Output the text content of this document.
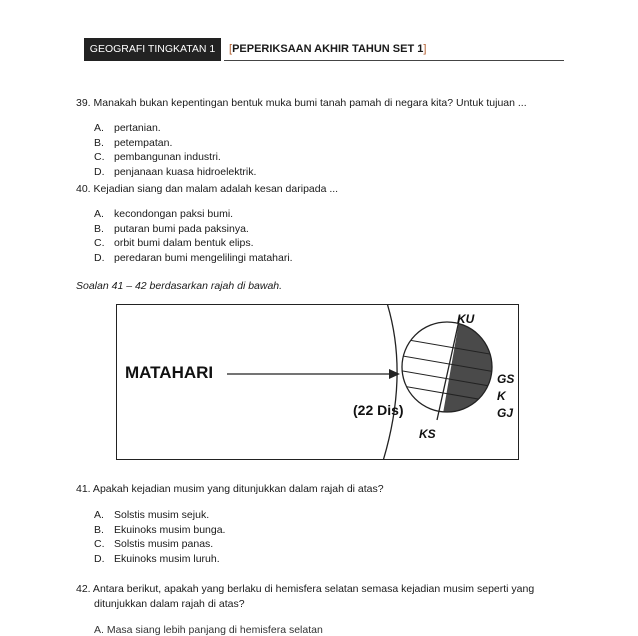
GEOGRAFI TINGKATAN 1	[PEPERIKSAAN AKHIR TAHUN SET 1]
39. Manakah bukan kepentingan bentuk muka bumi tanah pamah di negara kita? Untuk tujuan ...
A. pertanian.
B. petempatan.
C. pembangunan industri.
D. penjanaan kuasa hidroelektrik.
40. Kejadian siang dan malam adalah kesan daripada ...
A. kecondongan paksi bumi.
B. putaran bumi pada paksinya.
C. orbit bumi dalam bentuk elips.
D. peredaran bumi mengelilingi matahari.
Soalan 41 – 42 berdasarkan rajah di bawah.
MATAHARI
(22 Dis)
KU
GS
K
GJ
KS
41. Apakah kejadian musim yang ditunjukkan dalam rajah di atas?
A. Solstis musim sejuk.
B. Ekuinoks musim bunga.
C. Solstis musim panas.
D. Ekuinoks musim luruh.
42. Antara berikut, apakah yang berlaku di hemisfera selatan semasa kejadian musim seperti yang
ditunjukkan dalam rajah di atas?
A. Masa siang lebih panjang di hemisfera selatan
